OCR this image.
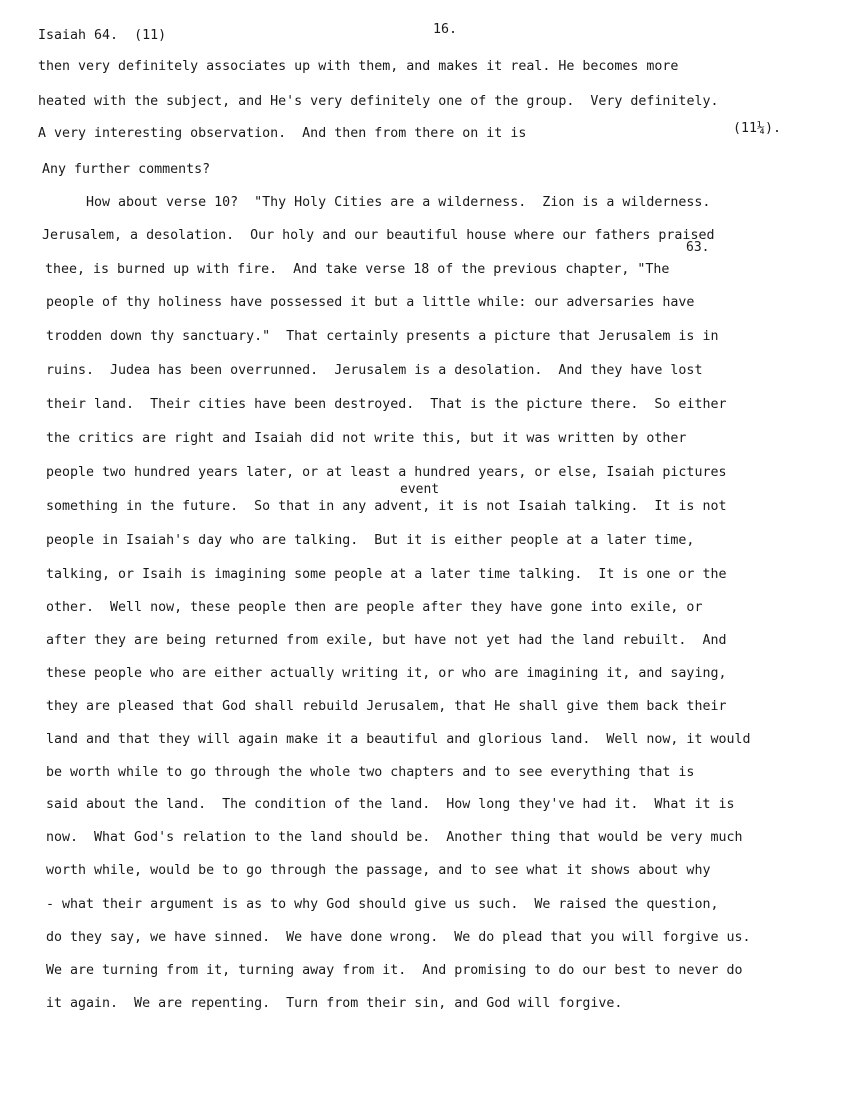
Isaiah 64.  (11)	16.
then very definitely associates up with them, and makes it real. He becomes more
heated with the subject, and He's very definitely one of the group.  Very definitely.
A very interesting observation.  And then from there on it is
Any further comments?
How about verse 10?  "Thy Holy Cities are a wilderness.  Zion is a wilderness.
Jerusalem, a desolation.  Our holy and our beautiful house where our fathers praised
thee, is burned up with fire.  And take verse 18 of the previous chapter, "The
people of thy holiness have possessed it but a little while: our adversaries have
trodden down thy sanctuary."  That certainly presents a picture that Jerusalem is in
ruins.  Judea has been overrunned.  Jerusalem is a desolation.  And they have lost
their land.  Their cities have been destroyed.  That is the picture there.  So either
the critics are right and Isaiah did not write this, but it was written by other
people two hundred years later, or at least a hundred years, or else, Isaiah pictures
something in the future.  So that in any advent, it is not Isaiah talking.  It is not
people in Isaiah's day who are talking.  But it is either people at a later time,
talking, or Isaih is imagining some people at a later time talking.  It is one or the
other.  Well now, these people then are people after they have gone into exile, or
after they are being returned from exile, but have not yet had the land rebuilt.  And
these people who are either actually writing it, or who are imagining it, and saying,
they are pleased that God shall rebuild Jerusalem, that He shall give them back their
land and that they will again make it a beautiful and glorious land.  Well now, it would
be worth while to go through the whole two chapters and to see everything that is
said about the land.  The condition of the land.  How long they've had it.  What it is
now.  What God's relation to the land should be.  Another thing that would be very much
worth while, would be to go through the passage, and to see what it shows about why
- what their argument is as to why God should give us such.  We raised the question,
do they say, we have sinned.  We have done wrong.  We do plead that you will forgive us.
We are turning from it, turning away from it.  And promising to do our best to never do
it again.  We are repenting.  Turn from their sin, and God will forgive.
(11¼).
63.
event
